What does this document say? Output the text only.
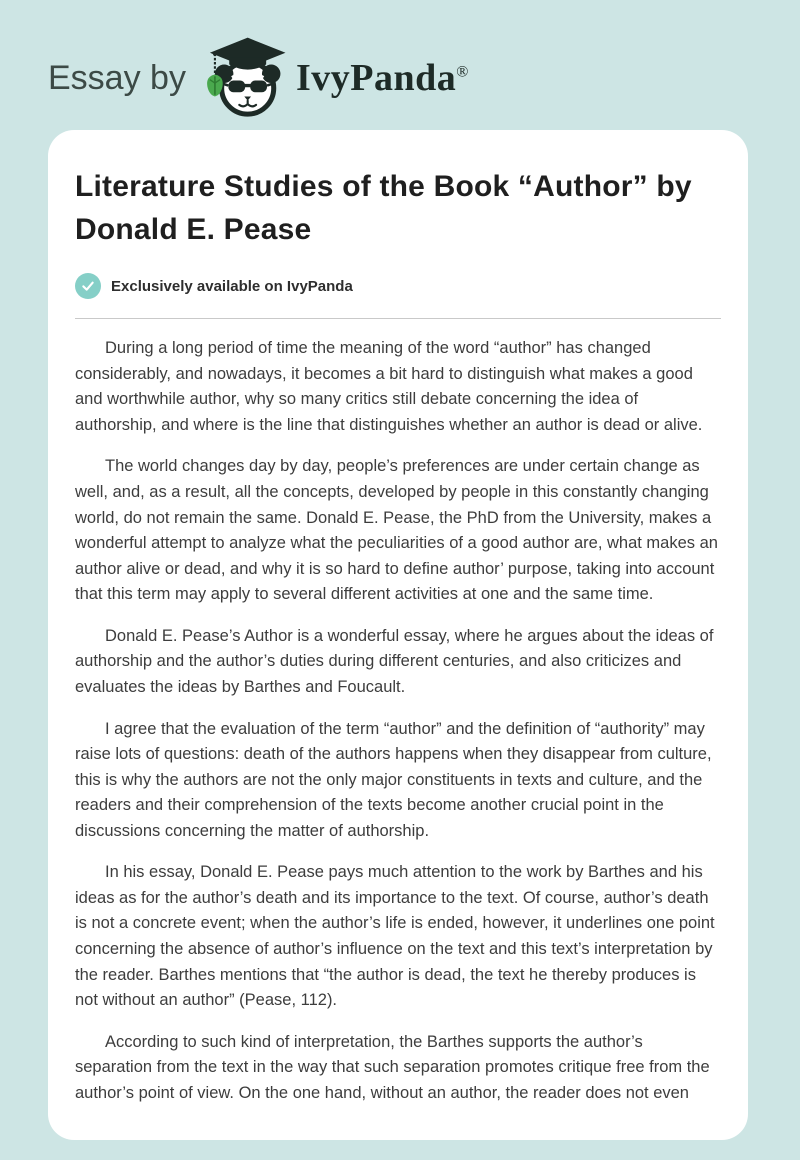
Essay by	IvyPanda®
Literature Studies of the Book “Author” by Donald E. Pease
Exclusively available on IvyPanda

During a long period of time the meaning of the word “author” has changed considerably, and nowadays, it becomes a bit hard to distinguish what makes a good and worthwhile author, why so many critics still debate concerning the idea of authorship, and where is the line that distinguishes whether an author is dead or alive.

The world changes day by day, people’s preferences are under certain change as well, and, as a result, all the concepts, developed by people in this constantly changing world, do not remain the same. Donald E. Pease, the PhD from the University, makes a wonderful attempt to analyze what the peculiarities of a good author are, what makes an author alive or dead, and why it is so hard to define author’ purpose, taking into account that this term may apply to several different activities at one and the same time.

Donald E. Pease’s Author is a wonderful essay, where he argues about the ideas of authorship and the author’s duties during different centuries, and also criticizes and evaluates the ideas by Barthes and Foucault.

I agree that the evaluation of the term “author” and the definition of “authority” may raise lots of questions: death of the authors happens when they disappear from culture, this is why the authors are not the only major constituents in texts and culture, and the readers and their comprehension of the texts become another crucial point in the discussions concerning the matter of authorship.

In his essay, Donald E. Pease pays much attention to the work by Barthes and his ideas as for the author’s death and its importance to the text. Of course, author’s death is not a concrete event; when the author’s life is ended, however, it underlines one point concerning the absence of author’s influence on the text and this text’s interpretation by the reader. Barthes mentions that “the author is dead, the text he thereby produces is not without an author” (Pease, 112).

According to such kind of interpretation, the Barthes supports the author’s separation from the text in the way that such separation promotes critique free from the author’s point of view. On the one hand, without an author, the reader does not even
